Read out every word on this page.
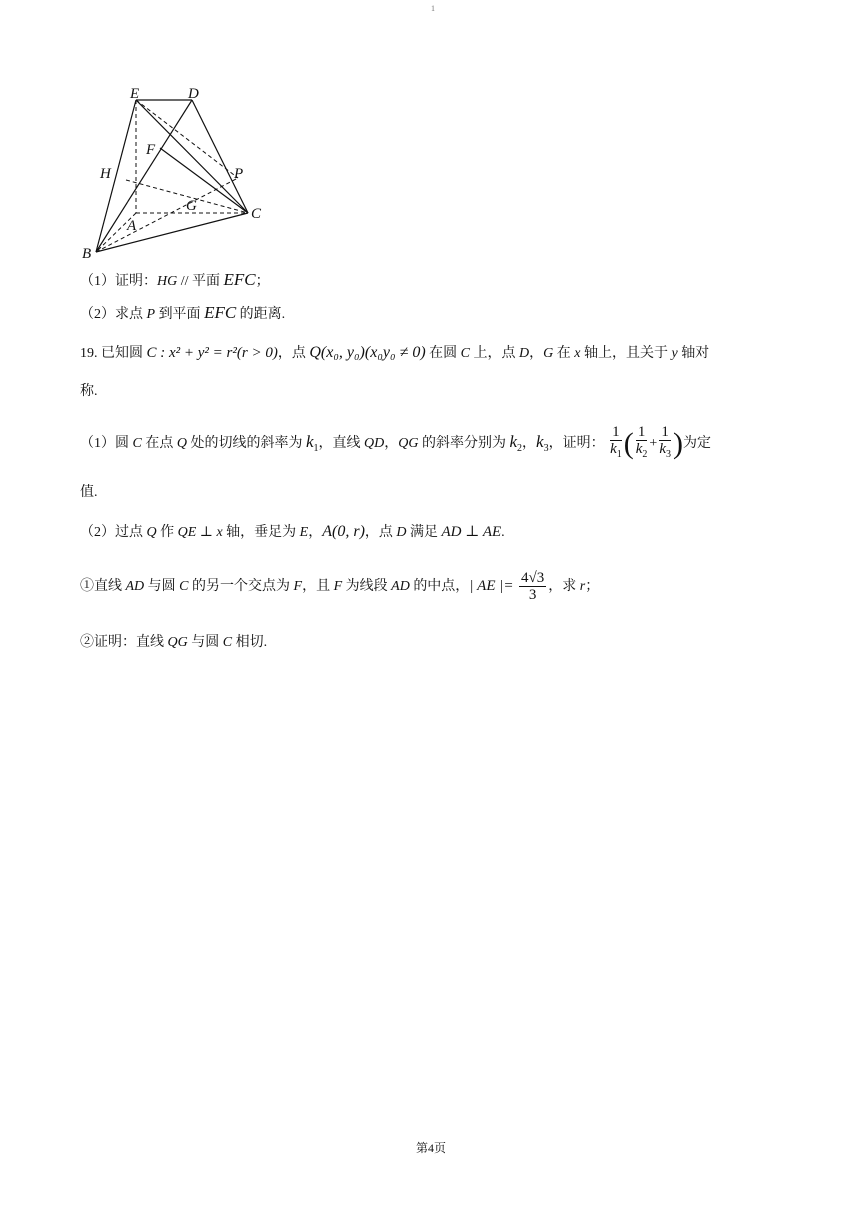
1
E	D
F
H	P
G
A
C
B
（1）证明：HG // 平面 EFC；
（2）求点 P 到平面 EFC 的距离.
19. 已知圆 C : x² + y² = r²(r > 0)，点 Q(x₀, y₀)(x₀y₀ ≠ 0) 在圆 C 上，点 D，G 在 x 轴上，且关于 y 轴对
称.
（1）圆 C 在点 Q 处的切线的斜率为 $k_1$，直线 QD，QG 的斜率分别为 $k_2$，$k_3$，证明： $\frac{1}{k_1}$ ( $\frac{1}{k_2} + \frac{1}{k_3}$ )为定
值.
（2）过点 Q 作 QE ⊥ x 轴，垂足为 E，A(0, r)，点 D 满足 AD ⊥ AE.
①直线 AD 与圆 C 的另一个交点为 F，且 F 为线段 AD 的中点，| AE |= $\frac{4√3}{3}$ ，求 r；
②证明：直线 QG 与圆 C 相切.
第4页
